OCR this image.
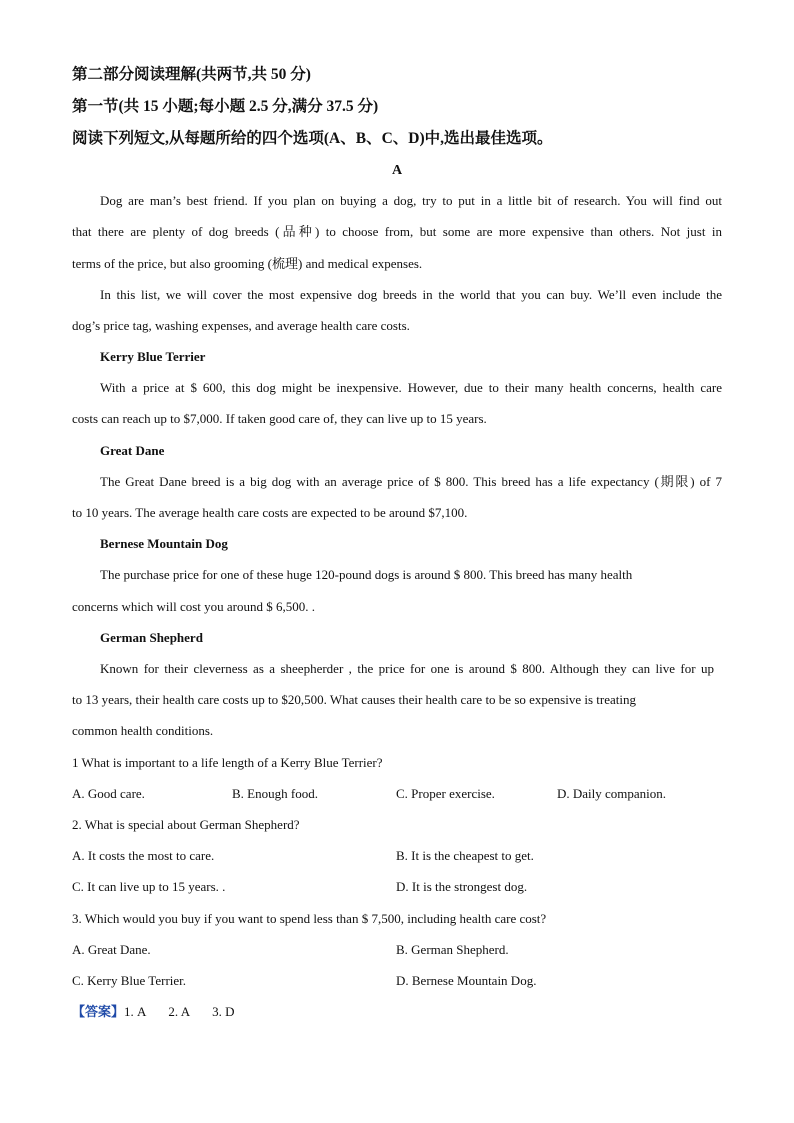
第二部分阅读理解(共两节,共 50 分)
第一节(共 15 小题;每小题 2.5 分,满分 37.5 分)
阅读下列短文,从每题所给的四个选项(A、B、C、D)中,选出最佳选项。
A
Dog are man’s best friend. If you plan on buying a dog, try to put in a little bit of research. You will find out
that there are plenty of dog breeds (品种) to choose from, but some are more expensive than others. Not just in
terms of the price, but also grooming (梳理) and medical expenses.
In this list, we will cover the most expensive dog breeds in the world that you can buy. We’ll even include the
dog’s price tag, washing expenses, and average health care costs.
Kerry Blue Terrier
With a price at $ 600, this dog might be inexpensive. However, due to their many health concerns, health care
costs can reach up to $7,000. If taken good care of, they can live up to 15 years.
Great Dane
The Great Dane breed is a big dog with an average price of $ 800. This breed has a life expectancy (期限) of 7
to 10 years. The average health care costs are expected to be around $7,100.
Bernese Mountain Dog
The purchase price for one of these huge 120-pound dogs is around $ 800. This breed has many health
concerns which will cost you around $ 6,500. .
German Shepherd
Known for their cleverness as a sheepherder , the price for one is around $ 800. Although they can live for up
to 13 years, their health care costs up to $20,500. What causes their health care to be so expensive is treating
common health conditions.
1 What is important to a life length of a Kerry Blue Terrier?
A. Good care.	B. Enough food.	C. Proper exercise.	D. Daily companion.
2. What is special about German Shepherd?
A. It costs the most to care.	B. It is the cheapest to get.
C. It can live up to 15 years. .	D. It is the strongest dog.
3. Which would you buy if you want to spend less than $ 7,500, including health care cost?
A. Great Dane.	B. German Shepherd.
C. Kerry Blue Terrier.	D. Bernese Mountain Dog.
【答案】1. A 2. A 3. D
